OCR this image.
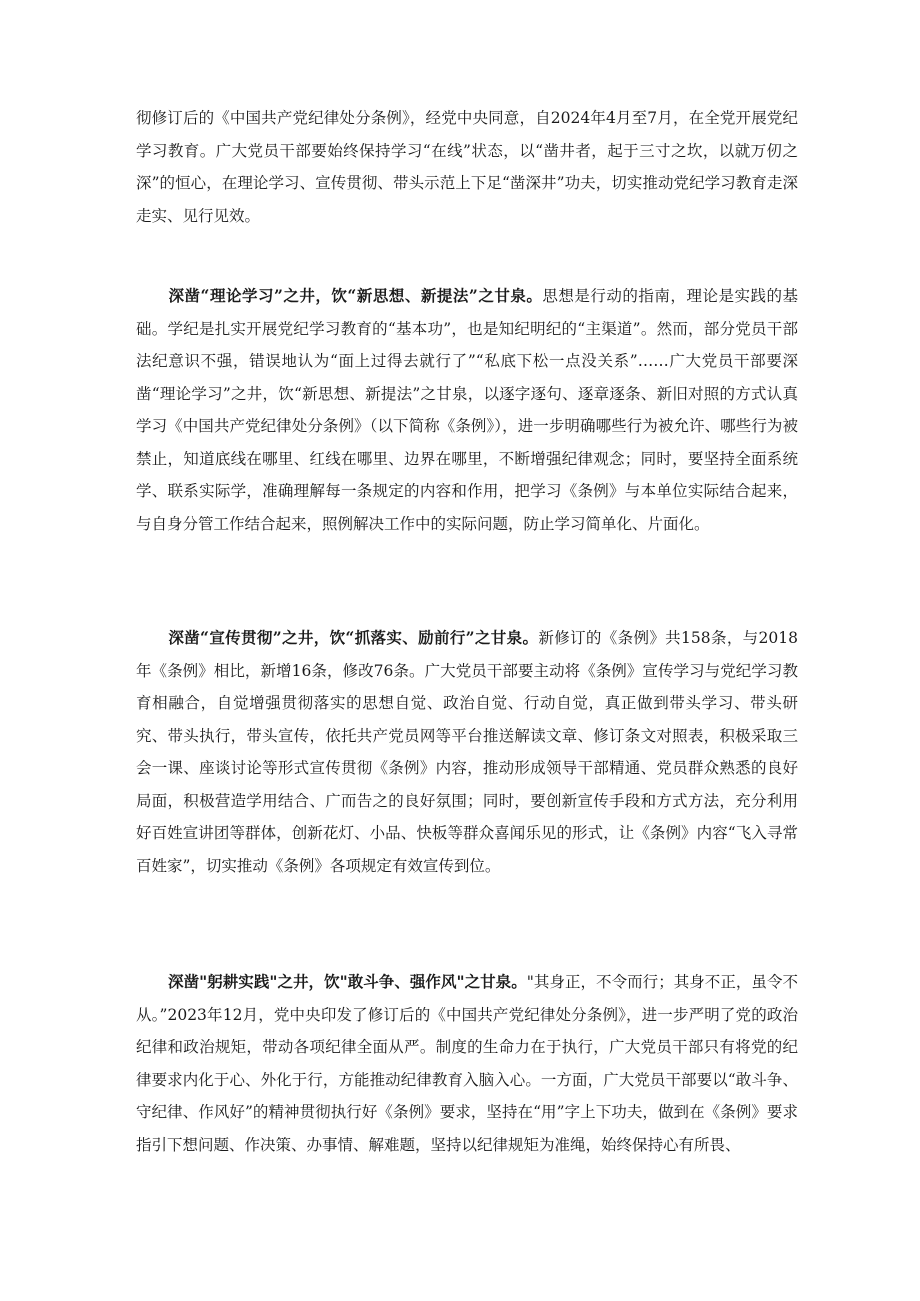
彻修订后的《中国共产党纪律处分条例》，经党中央同意，自2024年4月至7月，在全党开展党纪学习教育。广大党员干部要始终保持学习“在线”状态，以“凿井者，起于三寸之坎，以就万仞之深”的恒心，在理论学习、宣传贯彻、带头示范上下足“凿深井”功夫，切实推动党纪学习教育走深走实、见行见效。

深凿“理论学习”之井，饮“新思想、新提法”之甘泉。思想是行动的指南，理论是实践的基础。学纪是扎实开展党纪学习教育的“基本功”，也是知纪明纪的“主渠道”。然而，部分党员干部法纪意识不强，错误地认为“面上过得去就行了”“私底下松一点没关系”……广大党员干部要深凿“理论学习”之井，饮“新思想、新提法”之甘泉，以逐字逐句、逐章逐条、新旧对照的方式认真学习《中国共产党纪律处分条例》（以下简称《条例》），进一步明确哪些行为被允许、哪些行为被禁止，知道底线在哪里、红线在哪里、边界在哪里，不断增强纪律观念；同时，要坚持全面系统学、联系实际学，准确理解每一条规定的内容和作用，把学习《条例》与本单位实际结合起来，与自身分管工作结合起来，照例解决工作中的实际问题，防止学习简单化、片面化。

深凿“宣传贯彻”之井，饮“抓落实、励前行”之甘泉。新修订的《条例》共158条，与2018年《条例》相比，新增16条，修改76条。广大党员干部要主动将《条例》宣传学习与党纪学习教育相融合，自觉增强贯彻落实的思想自觉、政治自觉、行动自觉，真正做到带头学习、带头研究、带头执行，带头宣传，依托共产党员网等平台推送解读文章、修订条文对照表，积极采取三会一课、座谈讨论等形式宣传贯彻《条例》内容，推动形成领导干部精通、党员群众熟悉的良好局面，积极营造学用结合、广而告之的良好氛围；同时，要创新宣传手段和方式方法，充分利用好百姓宣讲团等群体，创新花灯、小品、快板等群众喜闻乐见的形式，让《条例》内容“飞入寻常百姓家”，切实推动《条例》各项规定有效宣传到位。

深凿"躬耕实践"之井，饮"敢斗争、强作风"之甘泉。"其身正，不令而行；其身不正，虽令不从。”2023年12月，党中央印发了修订后的《中国共产党纪律处分条例》，进一步严明了党的政治纪律和政治规矩，带动各项纪律全面从严。制度的生命力在于执行，广大党员干部只有将党的纪律要求内化于心、外化于行，方能推动纪律教育入脑入心。一方面，广大党员干部要以“敢斗争、守纪律、作风好”的精神贯彻执行好《条例》要求，坚持在“用”字上下功夫，做到在《条例》要求指引下想问题、作决策、办事情、解难题，坚持以纪律规矩为准绳，始终保持心有所畏、
